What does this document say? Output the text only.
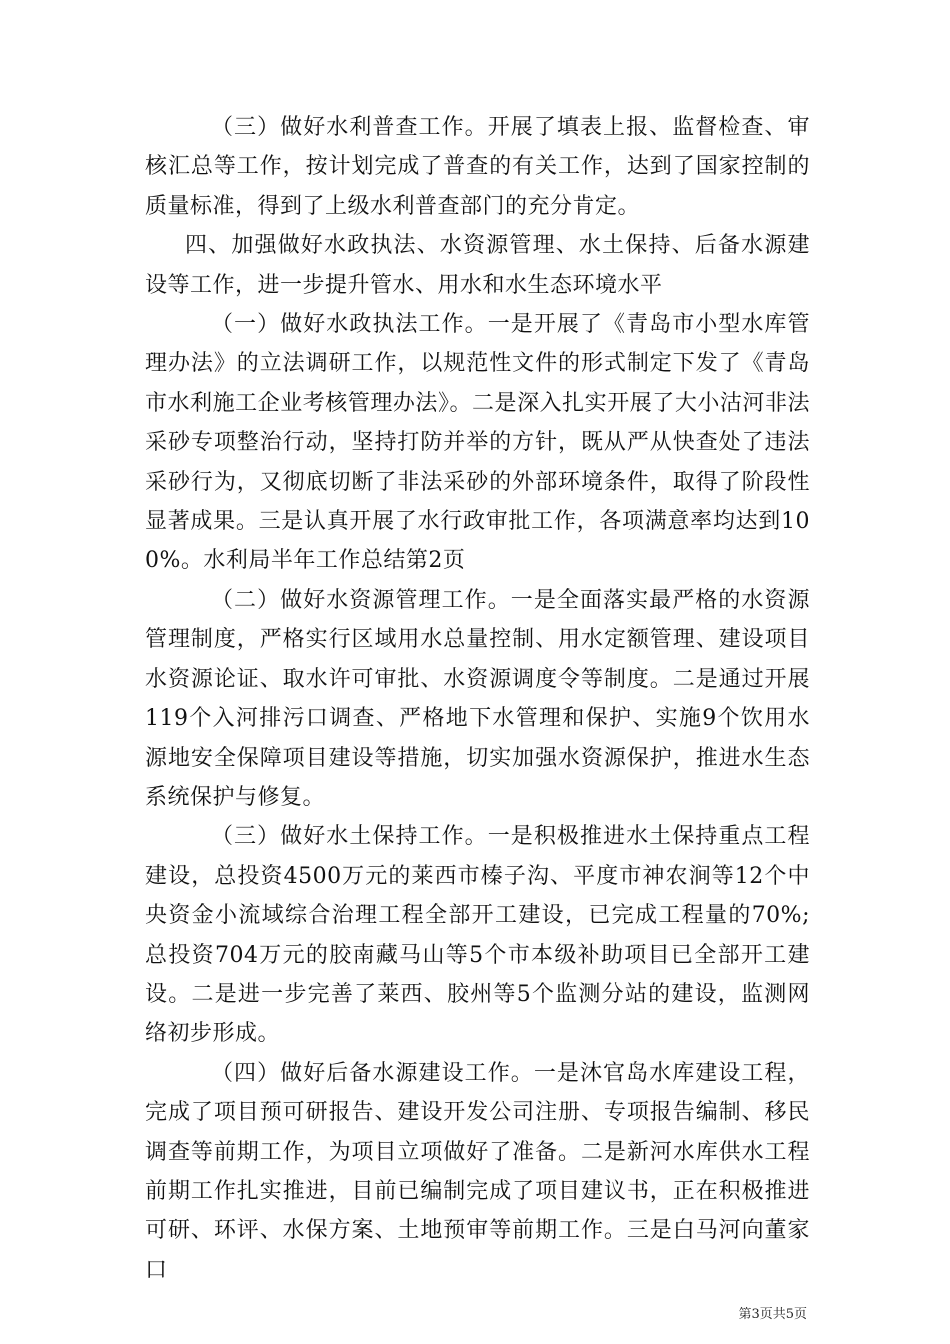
（三）做好水利普查工作。开展了填表上报、监督检查、审核汇总等工作，按计划完成了普查的有关工作，达到了国家控制的质量标准，得到了上级水利普查部门的充分肯定。

四、加强做好水政执法、水资源管理、水土保持、后备水源建设等工作，进一步提升管水、用水和水生态环境水平

（一）做好水政执法工作。一是开展了《青岛市小型水库管理办法》的立法调研工作，以规范性文件的形式制定下发了《青岛市水利施工企业考核管理办法》。二是深入扎实开展了大小沽河非法采砂专项整治行动，坚持打防并举的方针，既从严从快查处了违法采砂行为，又彻底切断了非法采砂的外部环境条件，取得了阶段性显著成果。三是认真开展了水行政审批工作，各项满意率均达到100%。水利局半年工作总结第2页

（二）做好水资源管理工作。一是全面落实最严格的水资源管理制度，严格实行区域用水总量控制、用水定额管理、建设项目水资源论证、取水许可审批、水资源调度令等制度。二是通过开展119个入河排污口调查、严格地下水管理和保护、实施9个饮用水源地安全保障项目建设等措施，切实加强水资源保护，推进水生态系统保护与修复。

（三）做好水土保持工作。一是积极推进水土保持重点工程建设，总投资4500万元的莱西市榛子沟、平度市神农涧等12个中央资金小流域综合治理工程全部开工建设，已完成工程量的70%;总投资704万元的胶南藏马山等5个市本级补助项目已全部开工建设。二是进一步完善了莱西、胶州等5个监测分站的建设，监测网络初步形成。

（四）做好后备水源建设工作。一是沐官岛水库建设工程，完成了项目预可研报告、建设开发公司注册、专项报告编制、移民调查等前期工作，为项目立项做好了准备。二是新河水库供水工程前期工作扎实推进，目前已编制完成了项目建议书，正在积极推进可研、环评、水保方案、土地预审等前期工作。三是白马河向董家口

第3页共5页
